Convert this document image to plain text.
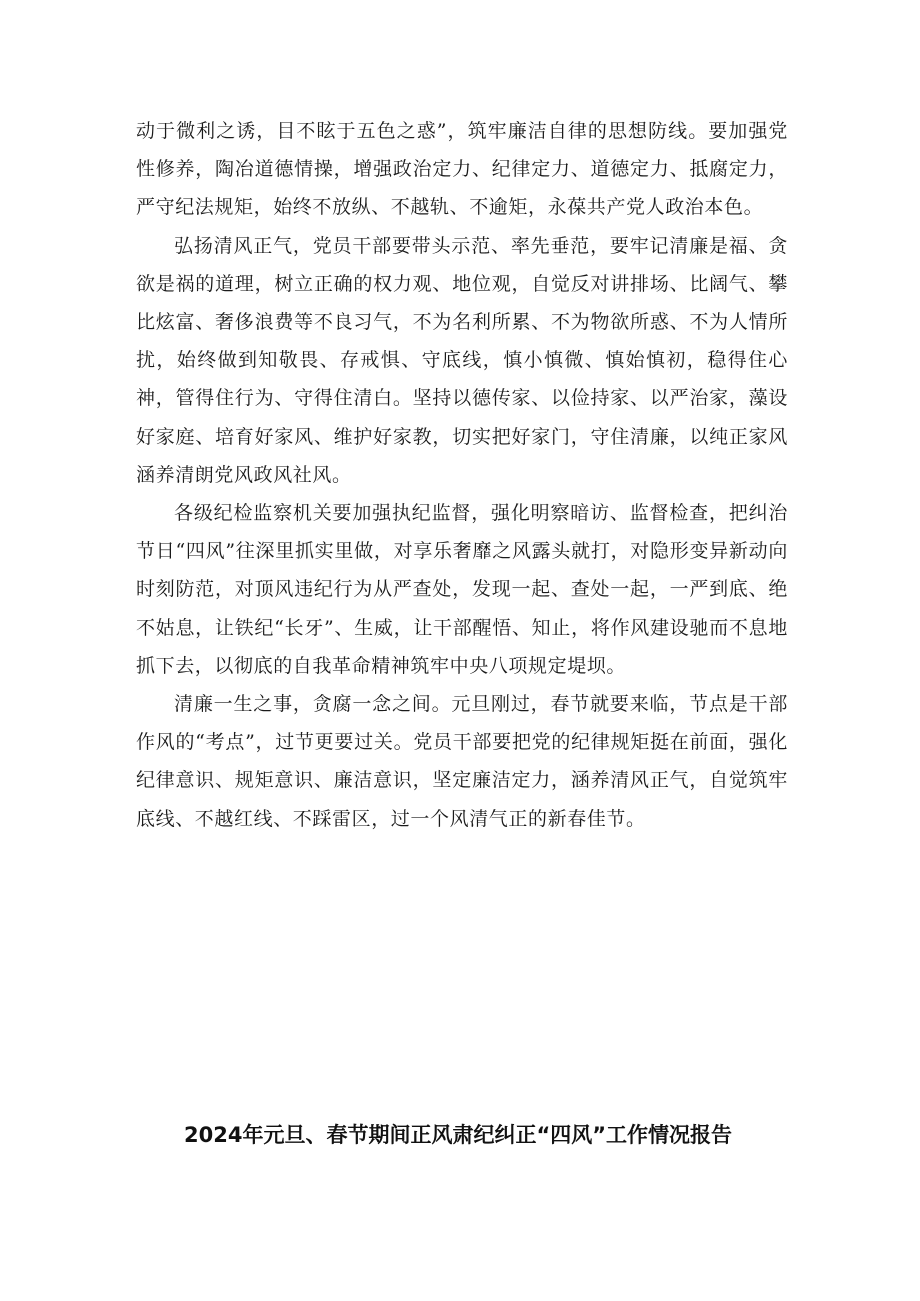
动于微利之诱，目不眩于五色之惑”，筑牢廉洁自律的思想防线。要加强党性修养，陶冶道德情操，增强政治定力、纪律定力、道德定力、抵腐定力，严守纪法规矩，始终不放纵、不越轨、不逾矩，永葆共产党人政治本色。

弘扬清风正气，党员干部要带头示范、率先垂范，要牢记清廉是福、贪欲是祸的道理，树立正确的权力观、地位观，自觉反对讲排场、比阔气、攀比炫富、奢侈浪费等不良习气，不为名利所累、不为物欲所惑、不为人情所扰，始终做到知敬畏、存戒惧、守底线，慎小慎微、慎始慎初，稳得住心神，管得住行为、守得住清白。坚持以德传家、以俭持家、以严治家，藻设好家庭、培育好家风、维护好家教，切实把好家门，守住清廉，以纯正家风涵养清朗党风政风社风。

各级纪检监察机关要加强执纪监督，强化明察暗访、监督检查，把纠治节日“四风”往深里抓实里做，对享乐奢靡之风露头就打，对隐形变异新动向时刻防范，对顶风违纪行为从严查处，发现一起、查处一起，一严到底、绝不姑息，让铁纪“长牙”、生威，让干部醒悟、知止，将作风建设驰而不息地抓下去，以彻底的自我革命精神筑牢中央八项规定堤坝。

清廉一生之事，贪腐一念之间。元旦刚过，春节就要来临，节点是干部作风的“考点”，过节更要过关。党员干部要把党的纪律规矩挺在前面，强化纪律意识、规矩意识、廉洁意识，坚定廉洁定力，涵养清风正气，自觉筑牢底线、不越红线、不踩雷区，过一个风清气正的新春佳节。

2024年元旦、春节期间正风肃纪纠正“四风”工作情况报告
